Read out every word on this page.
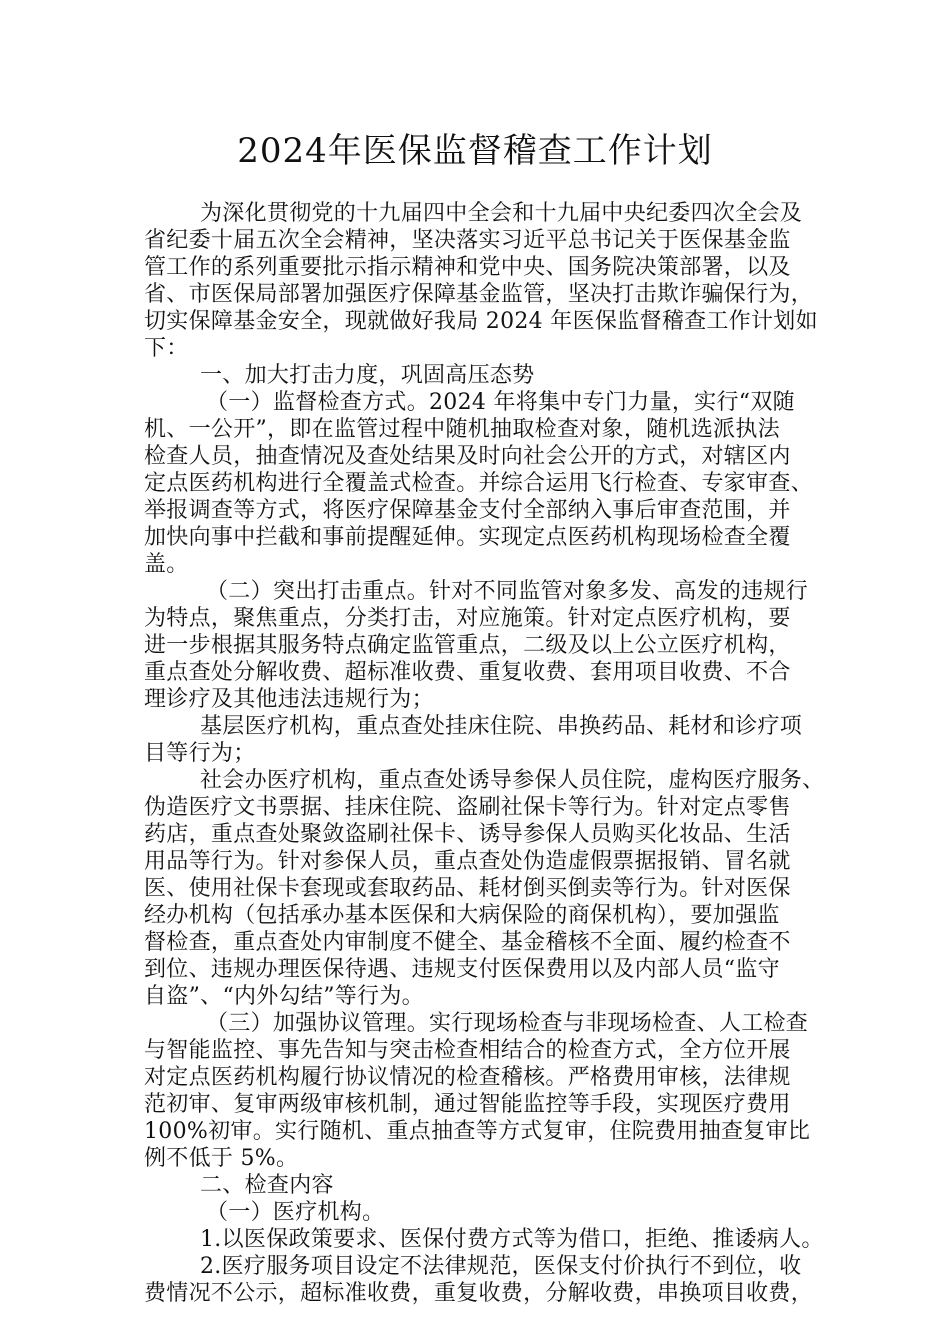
2024年医保监督稽查工作计划
为深化贯彻党的十九届四中全会和十九届中央纪委四次全会及
省纪委十届五次全会精神，坚决落实习近平总书记关于医保基金监
管工作的系列重要批示指示精神和党中央、国务院决策部署，以及
省、市医保局部署加强医疗保障基金监管，坚决打击欺诈骗保行为，
切实保障基金安全，现就做好我局 2024 年医保监督稽查工作计划如
下：
一、加大打击力度，巩固高压态势
（一）监督检查方式。2024 年将集中专门力量，实行“双随
机、一公开”，即在监管过程中随机抽取检查对象，随机选派执法
检查人员，抽查情况及查处结果及时向社会公开的方式，对辖区内
定点医药机构进行全覆盖式检查。并综合运用飞行检查、专家审查、
举报调查等方式，将医疗保障基金支付全部纳入事后审查范围，并
加快向事中拦截和事前提醒延伸。实现定点医药机构现场检查全覆
盖。
（二）突出打击重点。针对不同监管对象多发、高发的违规行
为特点，聚焦重点，分类打击，对应施策。针对定点医疗机构，要
进一步根据其服务特点确定监管重点，二级及以上公立医疗机构，
重点查处分解收费、超标准收费、重复收费、套用项目收费、不合
理诊疗及其他违法违规行为；
基层医疗机构，重点查处挂床住院、串换药品、耗材和诊疗项
目等行为；
社会办医疗机构，重点查处诱导参保人员住院，虚构医疗服务、
伪造医疗文书票据、挂床住院、盗刷社保卡等行为。针对定点零售
药店，重点查处聚敛盗刷社保卡、诱导参保人员购买化妆品、生活
用品等行为。针对参保人员，重点查处伪造虚假票据报销、冒名就
医、使用社保卡套现或套取药品、耗材倒买倒卖等行为。针对医保
经办机构（包括承办基本医保和大病保险的商保机构），要加强监
督检查，重点查处内审制度不健全、基金稽核不全面、履约检查不
到位、违规办理医保待遇、违规支付医保费用以及内部人员“监守
自盗”、“内外勾结”等行为。
（三）加强协议管理。实行现场检查与非现场检查、人工检查
与智能监控、事先告知与突击检查相结合的检查方式，全方位开展
对定点医药机构履行协议情况的检查稽核。严格费用审核，法律规
范初审、复审两级审核机制，通过智能监控等手段，实现医疗费用
100%初审。实行随机、重点抽查等方式复审，住院费用抽查复审比
例不低于 5%。
二、检查内容
（一）医疗机构。
1.以医保政策要求、医保付费方式等为借口，拒绝、推诿病人。
2.医疗服务项目设定不法律规范，医保支付价执行不到位，收
费情况不公示，超标准收费，重复收费，分解收费，串换项目收费，
